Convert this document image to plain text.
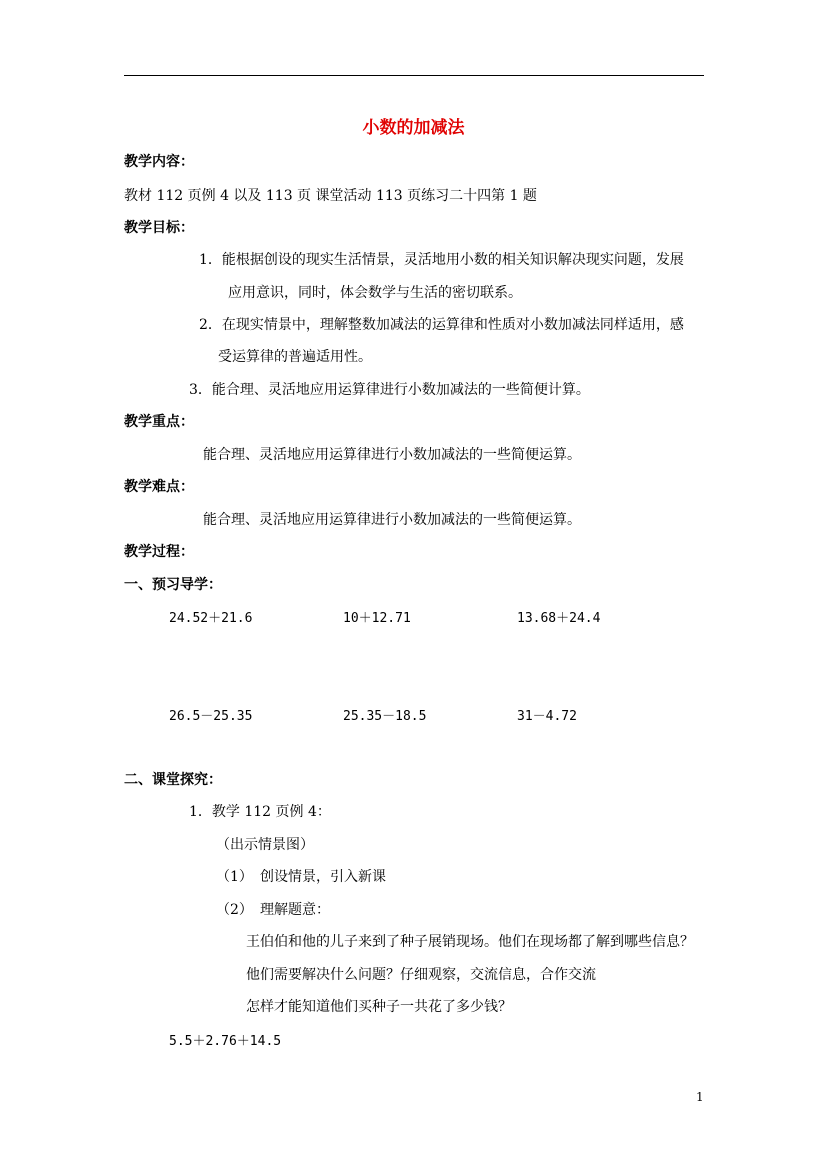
小数的加减法
教学内容：
教材 112 页例 4 以及 113 页 课堂活动 113 页练习二十四第 1 题
教学目标：
1．能根据创设的现实生活情景，灵活地用小数的相关知识解决现实问题，发展
应用意识，同时，体会数学与生活的密切联系。
2．在现实情景中，理解整数加减法的运算律和性质对小数加减法同样适用，感
受运算律的普遍适用性。
3．能合理、灵活地应用运算律进行小数加减法的一些简便计算。
教学重点：
能合理、灵活地应用运算律进行小数加减法的一些简便运算。
教学难点：
能合理、灵活地应用运算律进行小数加减法的一些简便运算。
教学过程：
一、预习导学：
24.52＋21.6	10＋12.71	13.68＋24.4
26.5－25.35	25.35－18.5	31－4.72
二、课堂探究：
1．教学 112 页例 4：
（出示情景图）
（1） 创设情景，引入新课
（2） 理解题意：
王伯伯和他的儿子来到了种子展销现场。他们在现场都了解到哪些信息？
他们需要解决什么问题？仔细观察，交流信息，合作交流
怎样才能知道他们买种子一共花了多少钱？
5.5＋2.76＋14.5
1
